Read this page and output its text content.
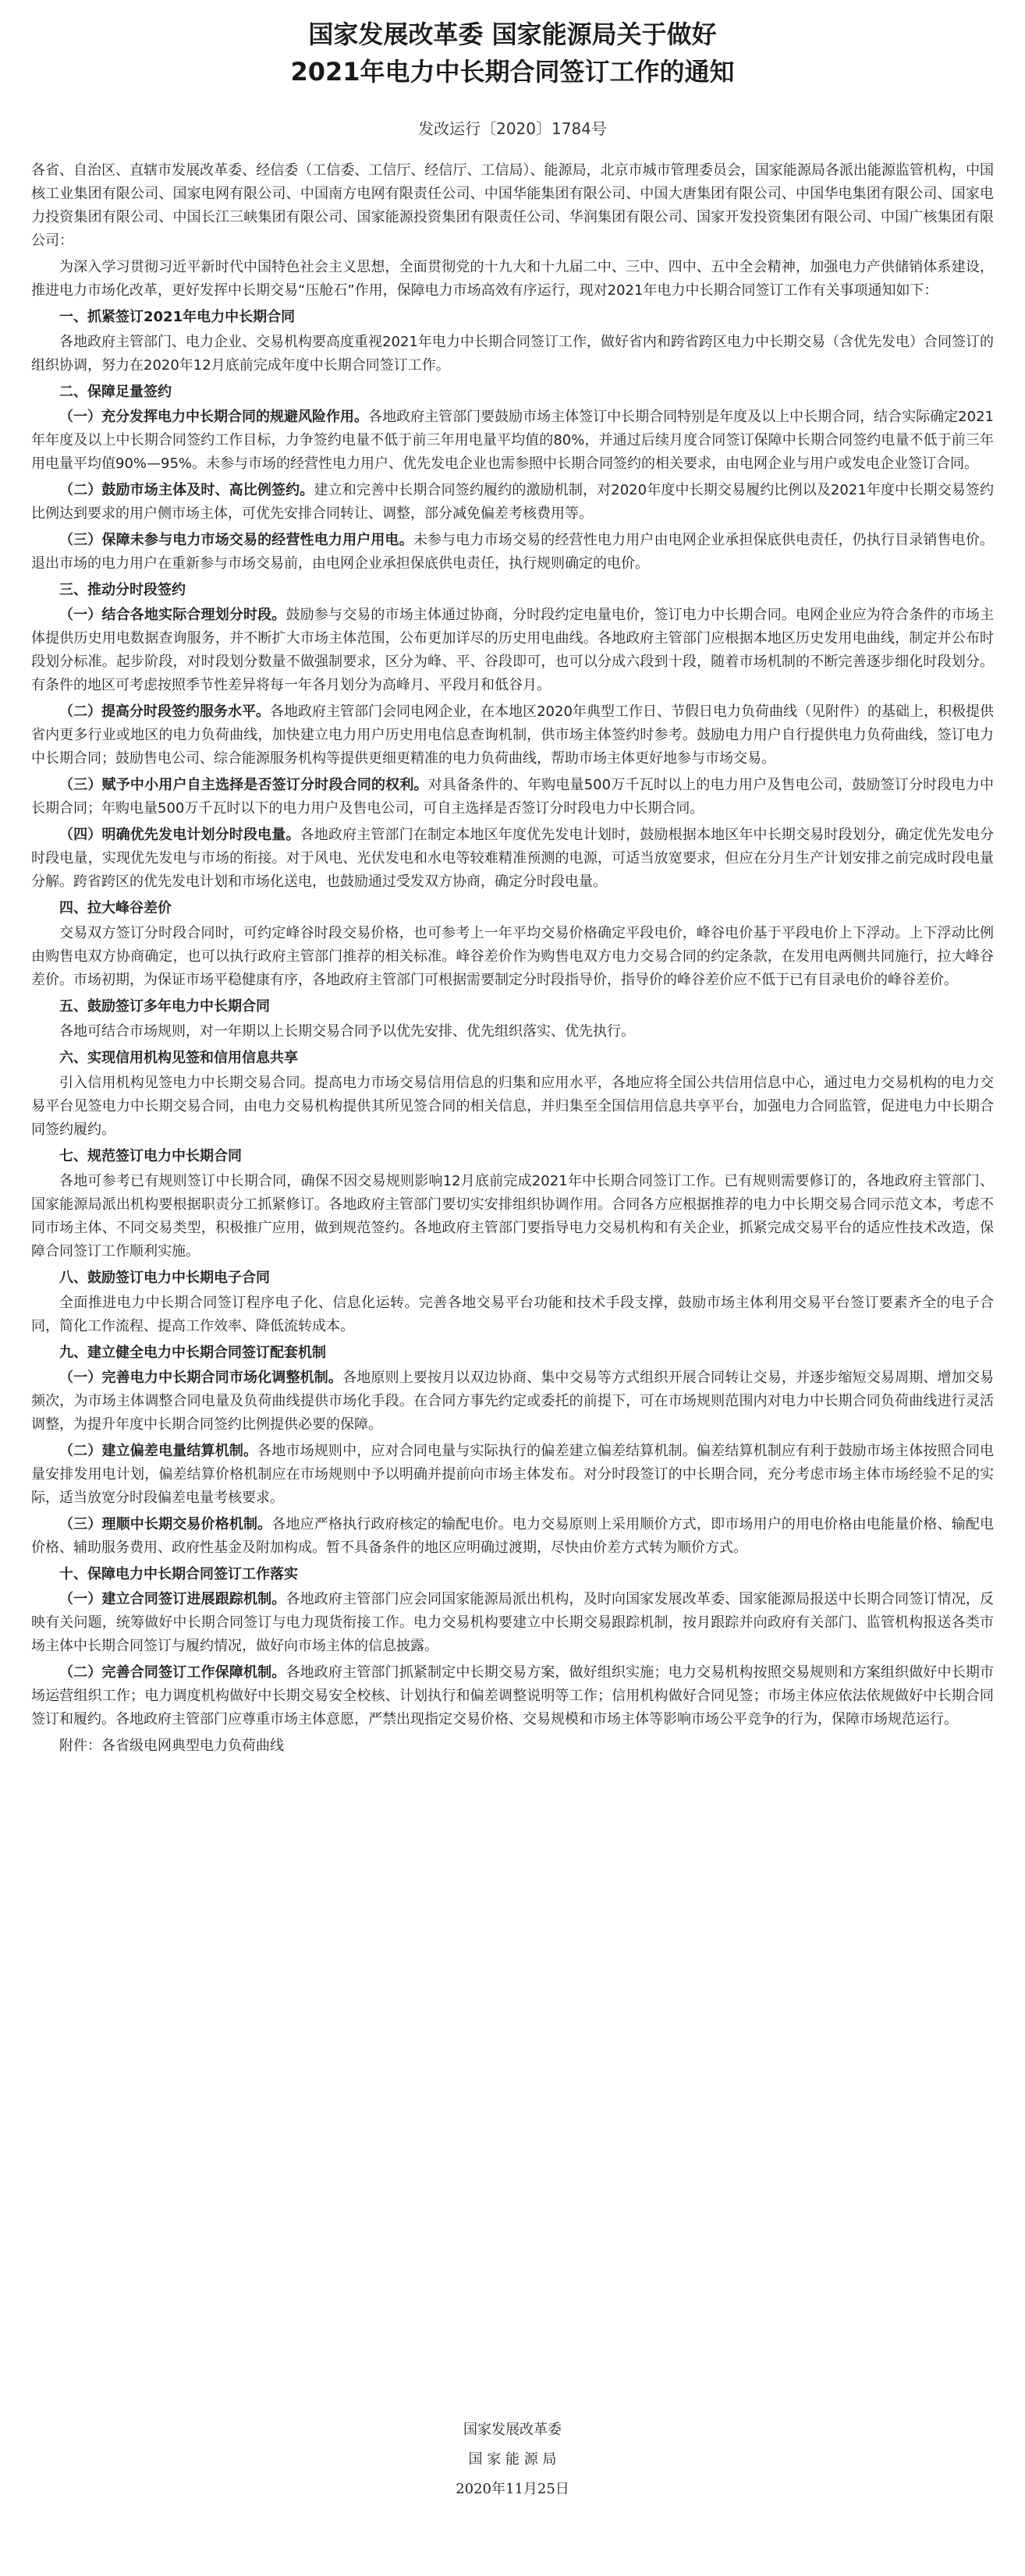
国家发展改革委 国家能源局关于做好
2021年电力中长期合同签订工作的通知
发改运行〔2020〕1784号

各省、自治区、直辖市发展改革委、经信委（工信委、工信厅、经信厅、工信局）、能源局，北京市城市管理委员会，国家能源局各派出能源监管机构，中国核工业集团有限公司、国家电网有限公司、中国南方电网有限责任公司、中国华能集团有限公司、中国大唐集团有限公司、中国华电集团有限公司、国家电力投资集团有限公司、中国长江三峡集团有限公司、国家能源投资集团有限责任公司、华润集团有限公司、国家开发投资集团有限公司、中国广核集团有限公司：

为深入学习贯彻习近平新时代中国特色社会主义思想，全面贯彻党的十九大和十九届二中、三中、四中、五中全会精神，加强电力产供储销体系建设，推进电力市场化改革，更好发挥中长期交易“压舱石”作用，保障电力市场高效有序运行，现对2021年电力中长期合同签订工作有关事项通知如下：

一、抓紧签订2021年电力中长期合同

各地政府主管部门、电力企业、交易机构要高度重视2021年电力中长期合同签订工作，做好省内和跨省跨区电力中长期交易（含优先发电）合同签订的组织协调，努力在2020年12月底前完成年度中长期合同签订工作。

二、保障足量签约

（一）充分发挥电力中长期合同的规避风险作用。各地政府主管部门要鼓励市场主体签订中长期合同特别是年度及以上中长期合同，结合实际确定2021年年度及以上中长期合同签约工作目标，力争签约电量不低于前三年用电量平均值的80%，并通过后续月度合同签订保障中长期合同签约电量不低于前三年用电量平均值90%—95%。未参与市场的经营性电力用户、优先发电企业也需参照中长期合同签约的相关要求，由电网企业与用户或发电企业签订合同。

（二）鼓励市场主体及时、高比例签约。建立和完善中长期合同签约履约的激励机制，对2020年度中长期交易履约比例以及2021年度中长期交易签约比例达到要求的用户侧市场主体，可优先安排合同转让、调整，部分减免偏差考核费用等。

（三）保障未参与电力市场交易的经营性电力用户用电。未参与电力市场交易的经营性电力用户由电网企业承担保底供电责任，仍执行目录销售电价。退出市场的电力用户在重新参与市场交易前，由电网企业承担保底供电责任，执行规则确定的电价。

三、推动分时段签约

（一）结合各地实际合理划分时段。鼓励参与交易的市场主体通过协商，分时段约定电量电价，签订电力中长期合同。电网企业应为符合条件的市场主体提供历史用电数据查询服务，并不断扩大市场主体范围，公布更加详尽的历史用电曲线。各地政府主管部门应根据本地区历史发用电曲线，制定并公布时段划分标准。起步阶段，对时段划分数量不做强制要求，区分为峰、平、谷段即可，也可以分成六段到十段，随着市场机制的不断完善逐步细化时段划分。有条件的地区可考虑按照季节性差异将每一年各月划分为高峰月、平段月和低谷月。

（二）提高分时段签约服务水平。各地政府主管部门会同电网企业，在本地区2020年典型工作日、节假日电力负荷曲线（见附件）的基础上，积极提供省内更多行业或地区的电力负荷曲线，加快建立电力用户历史用电信息查询机制，供市场主体签约时参考。鼓励电力用户自行提供电力负荷曲线，签订电力中长期合同；鼓励售电公司、综合能源服务机构等提供更细更精准的电力负荷曲线，帮助市场主体更好地参与市场交易。

（三）赋予中小用户自主选择是否签订分时段合同的权利。对具备条件的、年购电量500万千瓦时以上的电力用户及售电公司，鼓励签订分时段电力中长期合同；年购电量500万千瓦时以下的电力用户及售电公司，可自主选择是否签订分时段电力中长期合同。

（四）明确优先发电计划分时段电量。各地政府主管部门在制定本地区年度优先发电计划时，鼓励根据本地区年中长期交易时段划分，确定优先发电分时段电量，实现优先发电与市场的衔接。对于风电、光伏发电和水电等较难精准预测的电源，可适当放宽要求，但应在分月生产计划安排之前完成时段电量分解。跨省跨区的优先发电计划和市场化送电，也鼓励通过受发双方协商，确定分时段电量。

四、拉大峰谷差价

交易双方签订分时段合同时，可约定峰谷时段交易价格，也可参考上一年平均交易价格确定平段电价，峰谷电价基于平段电价上下浮动。上下浮动比例由购售电双方协商确定，也可以执行政府主管部门推荐的相关标准。峰谷差价作为购售电双方电力交易合同的约定条款，在发用电两侧共同施行，拉大峰谷差价。市场初期，为保证市场平稳健康有序，各地政府主管部门可根据需要制定分时段指导价，指导价的峰谷差价应不低于已有目录电价的峰谷差价。

五、鼓励签订多年电力中长期合同

各地可结合市场规则，对一年期以上长期交易合同予以优先安排、优先组织落实、优先执行。

六、实现信用机构见签和信用信息共享

引入信用机构见签电力中长期交易合同。提高电力市场交易信用信息的归集和应用水平，各地应将全国公共信用信息中心，通过电力交易机构的电力交易平台见签电力中长期交易合同，由电力交易机构提供其所见签合同的相关信息，并归集至全国信用信息共享平台，加强电力合同监管，促进电力中长期合同签约履约。

七、规范签订电力中长期合同

各地可参考已有规则签订中长期合同，确保不因交易规则影响12月底前完成2021年中长期合同签订工作。已有规则需要修订的，各地政府主管部门、国家能源局派出机构要根据职责分工抓紧修订。各地政府主管部门要切实安排组织协调作用。合同各方应根据推荐的电力中长期交易合同示范文本，考虑不同市场主体、不同交易类型，积极推广应用，做到规范签约。各地政府主管部门要指导电力交易机构和有关企业，抓紧完成交易平台的适应性技术改造，保障合同签订工作顺利实施。

八、鼓励签订电力中长期电子合同

全面推进电力中长期合同签订程序电子化、信息化运转。完善各地交易平台功能和技术手段支撑，鼓励市场主体利用交易平台签订要素齐全的电子合同，简化工作流程、提高工作效率、降低流转成本。

九、建立健全电力中长期合同签订配套机制

（一）完善电力中长期合同市场化调整机制。各地原则上要按月以双边协商、集中交易等方式组织开展合同转让交易，并逐步缩短交易周期、增加交易频次，为市场主体调整合同电量及负荷曲线提供市场化手段。在合同方事先约定或委托的前提下，可在市场规则范围内对电力中长期合同负荷曲线进行灵活调整，为提升年度中长期合同签约比例提供必要的保障。

（二）建立偏差电量结算机制。各地市场规则中，应对合同电量与实际执行的偏差建立偏差结算机制。偏差结算机制应有利于鼓励市场主体按照合同电量安排发用电计划，偏差结算价格机制应在市场规则中予以明确并提前向市场主体发布。对分时段签订的中长期合同，充分考虑市场主体市场经验不足的实际，适当放宽分时段偏差电量考核要求。

（三）理顺中长期交易价格机制。各地应严格执行政府核定的输配电价。电力交易原则上采用顺价方式，即市场用户的用电价格由电能量价格、输配电价格、辅助服务费用、政府性基金及附加构成。暂不具备条件的地区应明确过渡期，尽快由价差方式转为顺价方式。

十、保障电力中长期合同签订工作落实

（一）建立合同签订进展跟踪机制。各地政府主管部门应会同国家能源局派出机构，及时向国家发展改革委、国家能源局报送中长期合同签订情况，反映有关问题，统筹做好中长期合同签订与电力现货衔接工作。电力交易机构要建立中长期交易跟踪机制，按月跟踪并向政府有关部门、监管机构报送各类市场主体中长期合同签订与履约情况，做好向市场主体的信息披露。

（二）完善合同签订工作保障机制。各地政府主管部门抓紧制定中长期交易方案，做好组织实施；电力交易机构按照交易规则和方案组织做好中长期市场运营组织工作；电力调度机构做好中长期交易安全校核、计划执行和偏差调整说明等工作；信用机构做好合同见签；市场主体应依法依规做好中长期合同签订和履约。各地政府主管部门应尊重市场主体意愿，严禁出现指定交易价格、交易规模和市场主体等影响市场公平竞争的行为，保障市场规范运行。

附件：各省级电网典型电力负荷曲线
国家发展改革委
国 家 能 源 局
2020年11月25日
